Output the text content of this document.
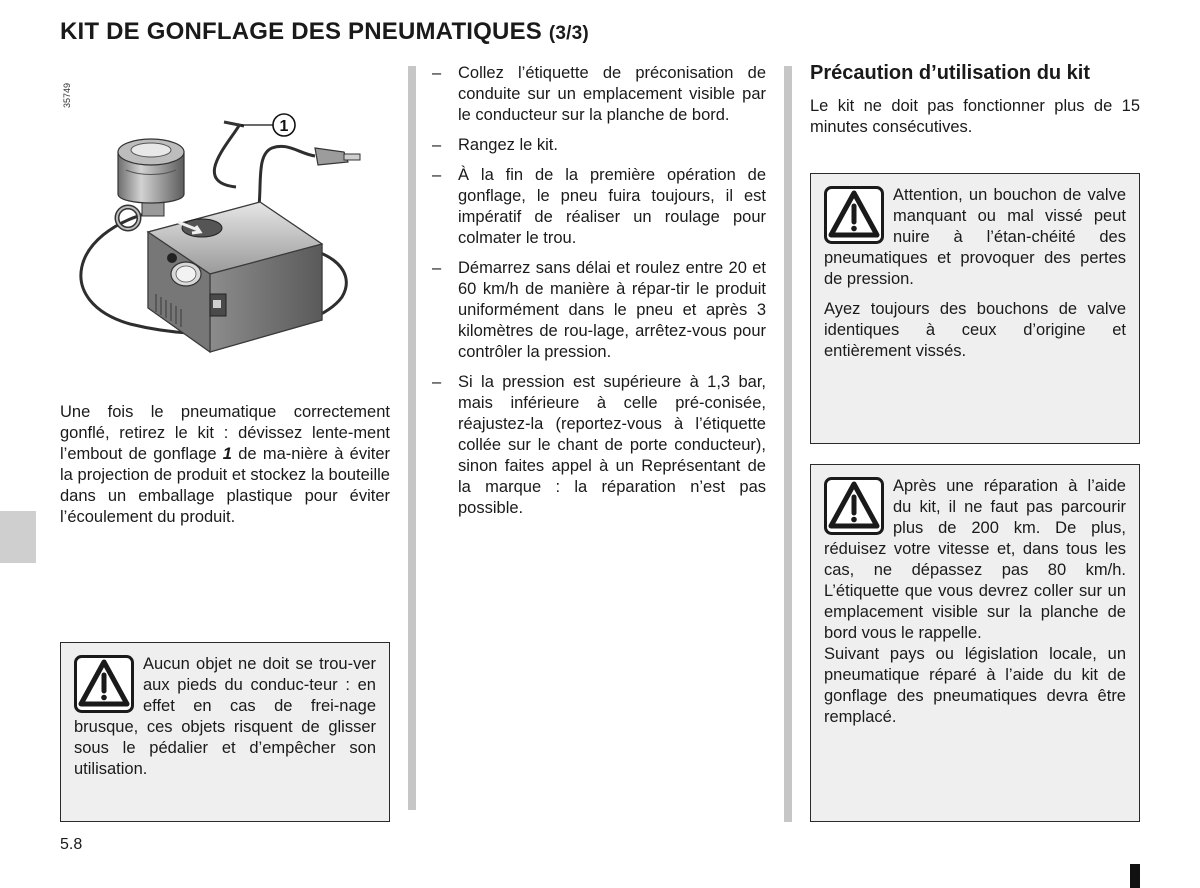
KIT DE GONFLAGE DES PNEUMATIQUES (3/3)
35749
1

Une fois le pneumatique correctement gonflé, retirez le kit : dévissez lente-ment l’embout de gonflage 1 de ma-nière à éviter la projection de produit et stockez la bouteille dans un emballage plastique pour éviter l’écoulement du produit.

Aucun objet ne doit se trou-ver aux pieds du conduc-teur : en effet en cas de frei-nage brusque, ces objets risquent de glisser sous le pédalier et d’empêcher son utilisation.

– Collez l’étiquette de préconisation de conduite sur un emplacement visible par le conducteur sur la planche de bord.
– Rangez le kit.
– À la fin de la première opération de gonflage, le pneu fuira toujours, il est impératif de réaliser un roulage pour colmater le trou.
– Démarrez sans délai et roulez entre 20 et 60 km/h de manière à répar-tir le produit uniformément dans le pneu et après 3 kilomètres de rou-lage, arrêtez-vous pour contrôler la pression.
– Si la pression est supérieure à 1,3 bar, mais inférieure à celle pré-conisée, réajustez-la (reportez-vous à l’étiquette collée sur le chant de porte conducteur), sinon faites appel à un Représentant de la marque : la réparation n’est pas possible.
Précaution d’utilisation du kit

Le kit ne doit pas fonctionner plus de 15 minutes consécutives.

Attention, un bouchon de valve manquant ou mal vissé peut nuire à l’étan-chéité des pneumatiques et provoquer des pertes de pression.

Ayez toujours des bouchons de valve identiques à ceux d’origine et entièrement vissés.

Après une réparation à l’aide du kit, il ne faut pas parcourir plus de 200 km. De plus, réduisez votre vitesse et, dans tous les cas, ne dépassez pas 80 km/h. L’étiquette que vous devrez coller sur un emplacement visible sur la planche de bord vous le rappelle.

Suivant pays ou législation locale, un pneumatique réparé à l’aide du kit de gonflage des pneumatiques devra être remplacé.

5.8
